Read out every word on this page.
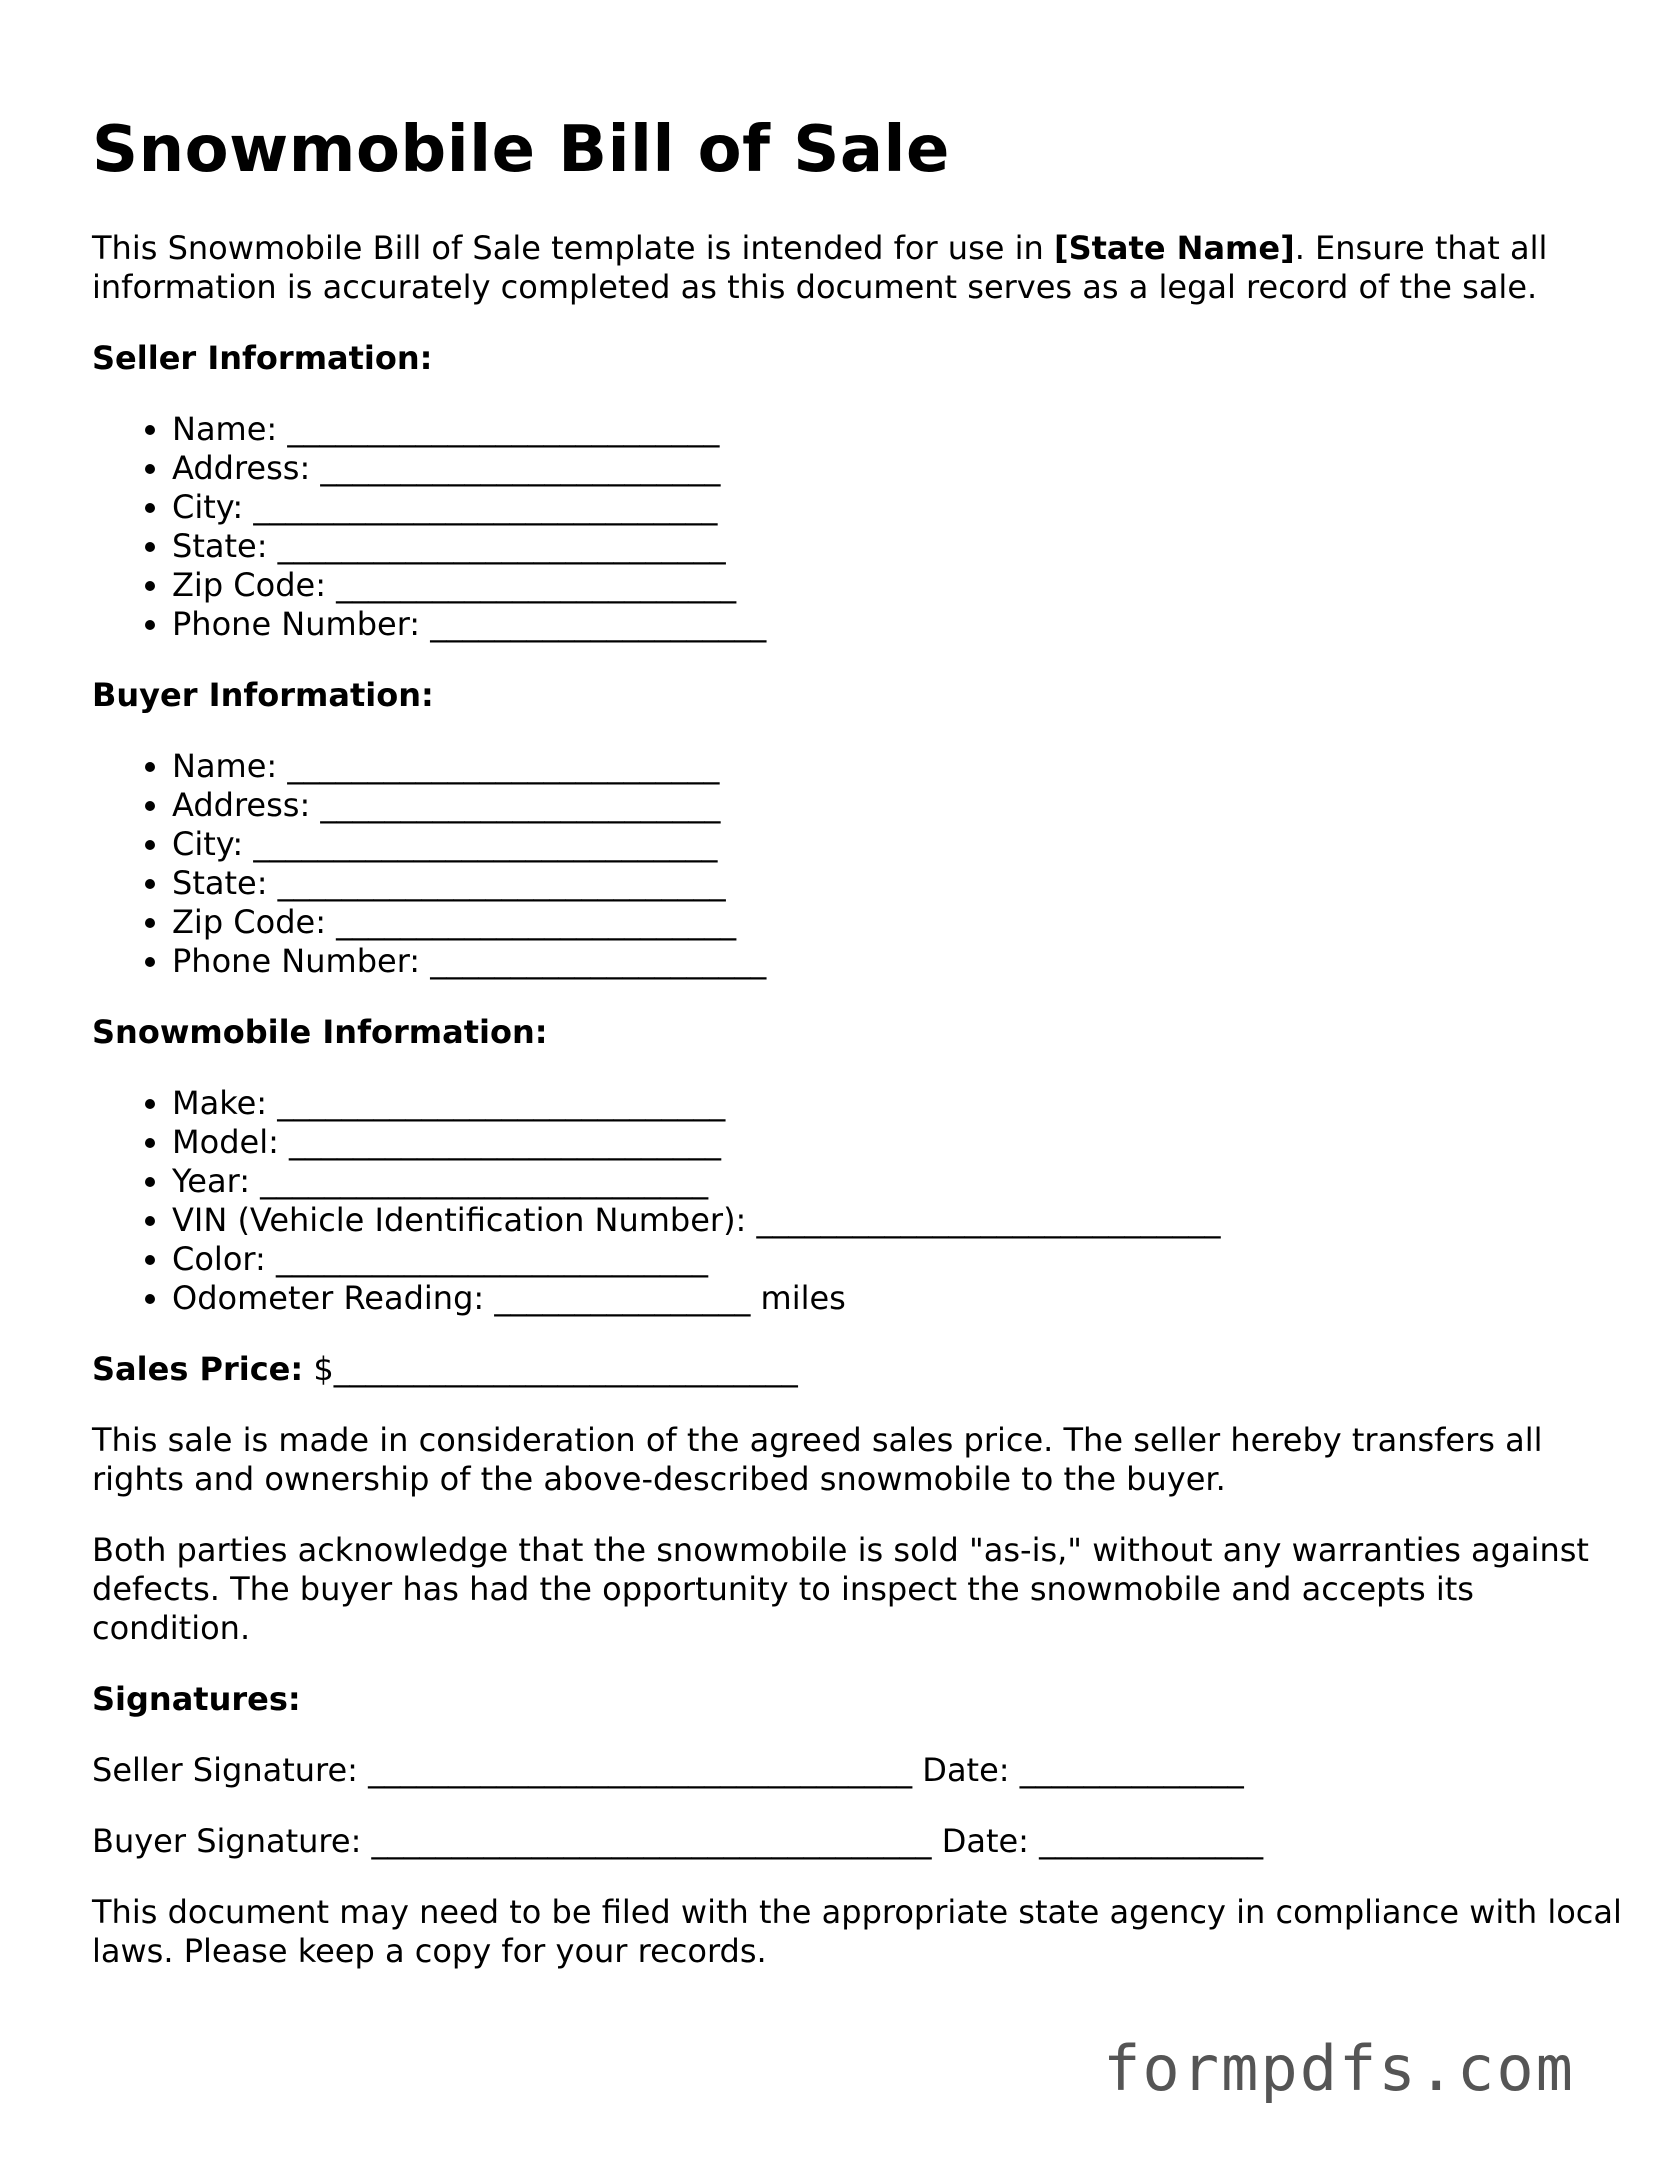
Snowmobile Bill of Sale

This Snowmobile Bill of Sale template is intended for use in [State Name]. Ensure that all information is accurately completed as this document serves as a legal record of the sale.

Seller Information:
• Name: ___________________________
• Address: _________________________
• City: _____________________________
• State: ____________________________
• Zip Code: _________________________
• Phone Number: _____________________
Buyer Information:
• Name: ___________________________
• Address: _________________________
• City: _____________________________
• State: ____________________________
• Zip Code: _________________________
• Phone Number: _____________________
Snowmobile Information:
• Make: ____________________________
• Model: ___________________________
• Year: ____________________________
• VIN (Vehicle Identification Number): _____________________________
• Color: ___________________________
• Odometer Reading: ________________ miles

Sales Price: $_____________________________

This sale is made in consideration of the agreed sales price. The seller hereby transfers all rights and ownership of the above-described snowmobile to the buyer.

Both parties acknowledge that the snowmobile is sold "as-is," without any warranties against defects. The buyer has had the opportunity to inspect the snowmobile and accepts its condition.

Signatures:

Seller Signature: __________________________________ Date: ______________

Buyer Signature: ___________________________________ Date: ______________

This document may need to be filed with the appropriate state agency in compliance with local laws. Please keep a copy for your records.

formpdfs.com
